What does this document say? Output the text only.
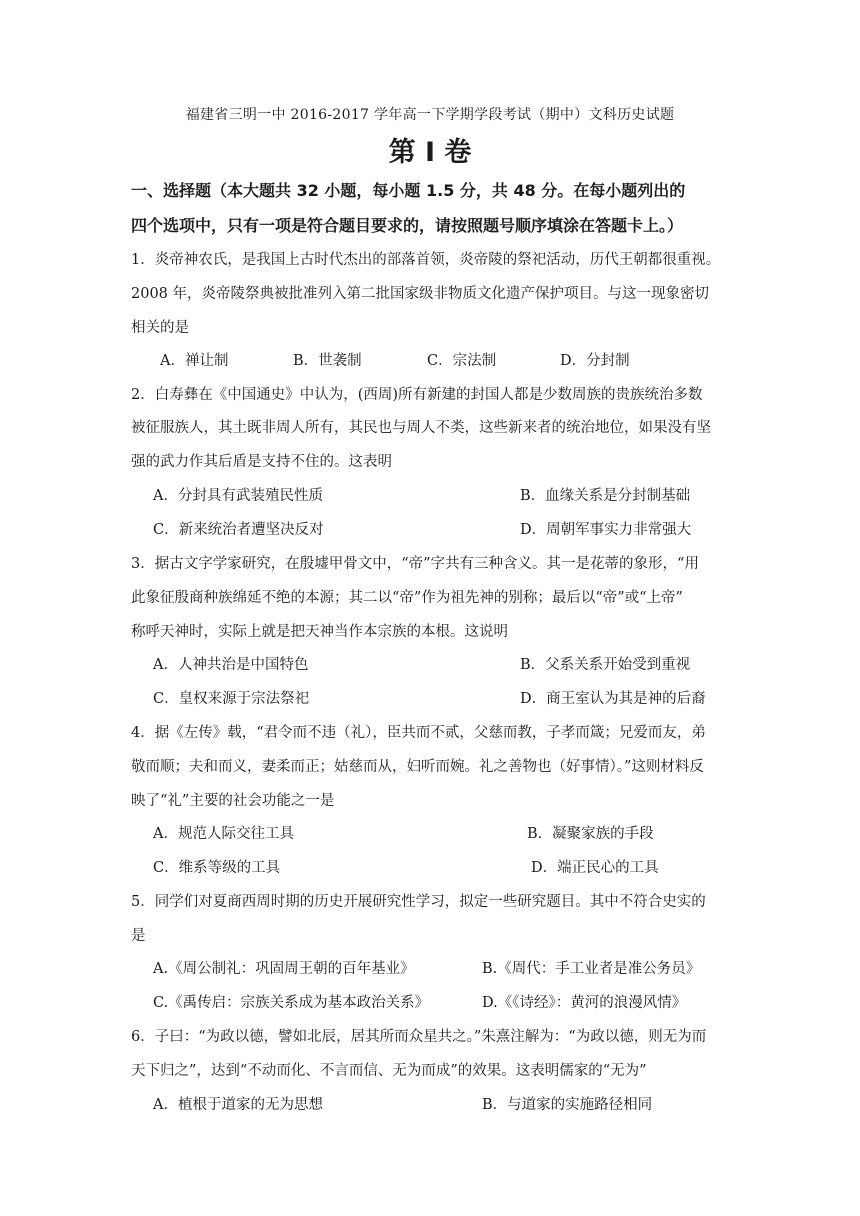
福建省三明一中 2016-2017 学年高一下学期学段考试（期中）文科历史试题
第 I 卷
一、选择题（本大题共 32 小题，每小题 1.5 分，共 48 分。在每小题列出的
四个选项中，只有一项是符合题目要求的，请按照题号顺序填涂在答题卡上。）
1．炎帝神农氏，是我国上古时代杰出的部落首领，炎帝陵的祭祀活动，历代王朝都很重视。
2008 年，炎帝陵祭典被批准列入第二批国家级非物质文化遗产保护项目。与这一现象密切
相关的是
A．禅让制	B．世袭制	C．宗法制	D．分封制
2．白寿彝在《中国通史》中认为，(西周)所有新建的封国人都是少数周族的贵族统治多数
被征服族人，其土既非周人所有，其民也与周人不类，这些新来者的统治地位，如果没有坚
强的武力作其后盾是支持不住的。这表明
A．分封具有武装殖民性质	B．血缘关系是分封制基础
C．新来统治者遭坚决反对	D．周朝军事实力非常强大
3．据古文字学家研究，在殷墟甲骨文中，“帝”字共有三种含义。其一是花蒂的象形，“用
此象征殷商种族绵延不绝的本源；其二以“帝”作为祖先神的别称；最后以“帝”或“上帝”
称呼天神时，实际上就是把天神当作本宗族的本根。这说明
A．人神共治是中国特色	B．父系关系开始受到重视
C．皇权来源于宗法祭祀	D．商王室认为其是神的后裔
4．据《左传》载，“君令而不违（礼），臣共而不贰，父慈而教，子孝而箴；兄爱而友，弟
敬而顺；夫和而义，妻柔而正；姑慈而从，妇听而婉。礼之善物也（好事情）。”这则材料反
映了“礼”主要的社会功能之一是
A．规范人际交往工具	B．凝聚家族的手段
C．维系等级的工具	D．端正民心的工具
5．同学们对夏商西周时期的历史开展研究性学习，拟定一些研究题目。其中不符合史实的
是
A.《周公制礼：巩固周王朝的百年基业》	B.《周代：手工业者是准公务员》
C.《禹传启：宗族关系成为基本政治关系》	D.《《诗经》：黄河的浪漫风情》
6．子曰：“为政以德，譬如北辰，居其所而众星共之。”朱熹注解为：“为政以德，则无为而
天下归之”，达到“不动而化、不言而信、无为而成”的效果。这表明儒家的“无为”
A．植根于道家的无为思想	B．与道家的实施路径相同
